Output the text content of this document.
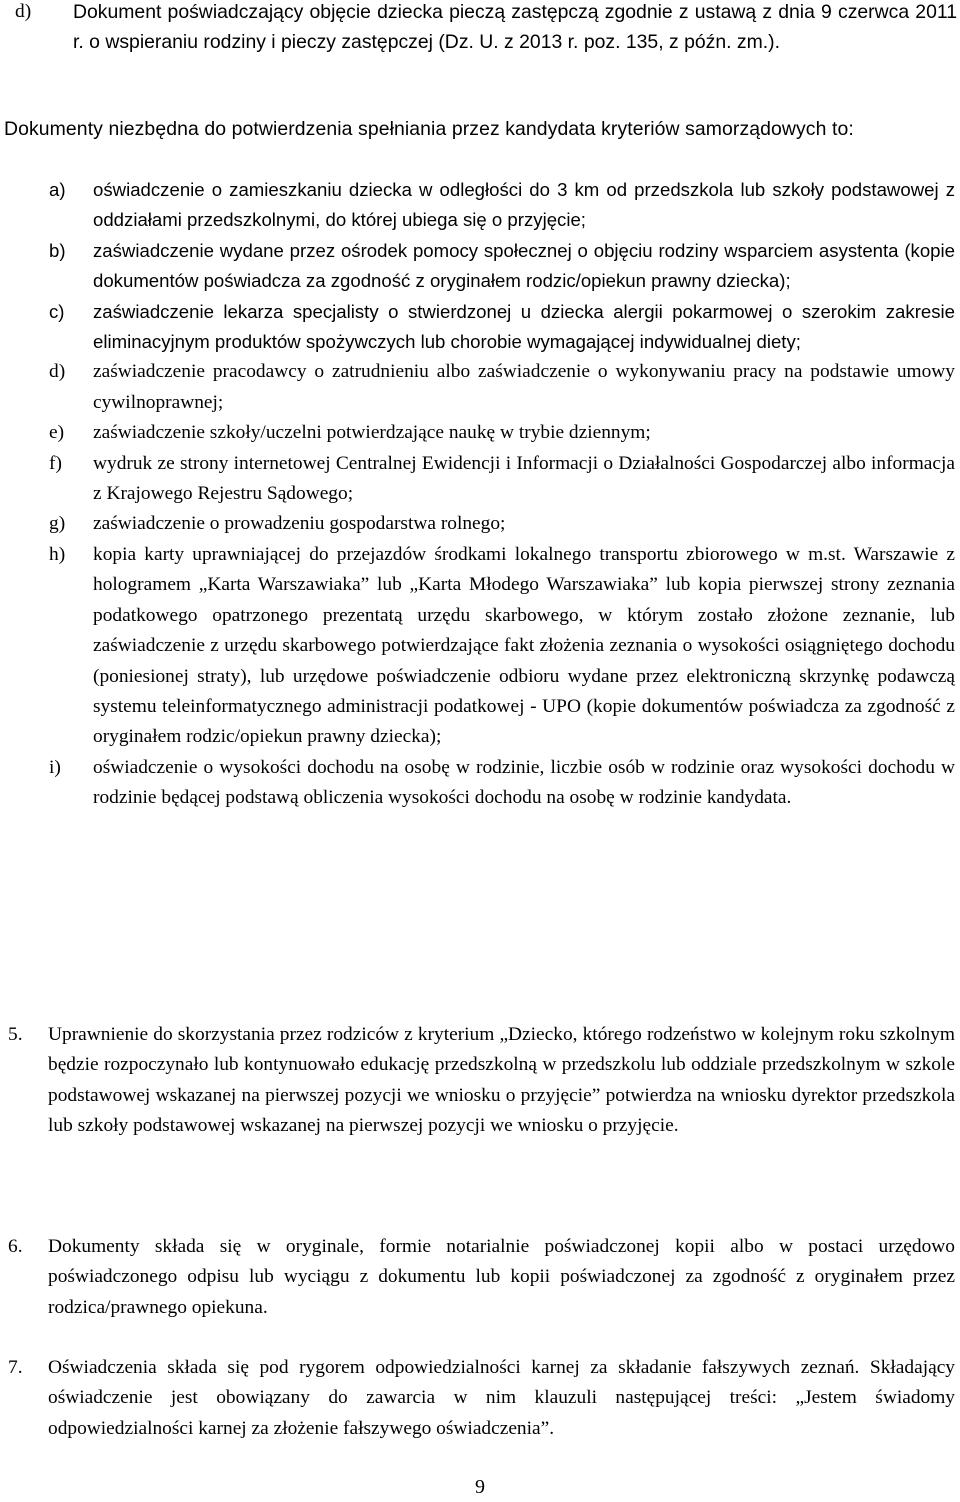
d) Dokument poświadczający objęcie dziecka pieczą zastępczą zgodnie z ustawą z dnia 9 czerwca 2011 r. o wspieraniu rodziny i pieczy zastępczej (Dz. U. z 2013 r. poz. 135, z późn. zm.).
Dokumenty niezbędna do potwierdzenia spełniania przez kandydata kryteriów samorządowych to:
a) oświadczenie o zamieszkaniu dziecka w odległości do 3 km od przedszkola lub szkoły podstawowej z oddziałami przedszkolnymi, do której ubiega się o przyjęcie;
b) zaświadczenie wydane przez ośrodek pomocy społecznej o objęciu rodziny wsparciem asystenta (kopie dokumentów poświadcza za zgodność z oryginałem rodzic/opiekun prawny dziecka);
c) zaświadczenie lekarza specjalisty o stwierdzonej u dziecka alergii pokarmowej o szerokim zakresie eliminacyjnym produktów spożywczych lub chorobie wymagającej indywidualnej diety;
d) zaświadczenie pracodawcy o zatrudnieniu albo zaświadczenie o wykonywaniu pracy na podstawie umowy cywilnoprawnej;
e) zaświadczenie szkoły/uczelni potwierdzające naukę w trybie dziennym;
f) wydruk ze strony internetowej Centralnej Ewidencji i Informacji o Działalności Gospodarczej albo informacja z Krajowego Rejestru Sądowego;
g) zaświadczenie o prowadzeniu gospodarstwa rolnego;
h) kopia karty uprawniającej do przejazdów środkami lokalnego transportu zbiorowego w m.st. Warszawie z hologramem „Karta Warszawiaka” lub „Karta Młodego Warszawiaka” lub kopia pierwszej strony zeznania podatkowego opatrzonego prezentatą urzędu skarbowego, w którym zostało złożone zeznanie, lub zaświadczenie z urzędu skarbowego potwierdzające fakt złożenia zeznania o wysokości osiągniętego dochodu (poniesionej straty), lub urzędowe poświadczenie odbioru wydane przez elektroniczną skrzynkę podawczą systemu teleinformatycznego administracji podatkowej - UPO (kopie dokumentów poświadcza za zgodność z oryginałem rodzic/opiekun prawny dziecka);
i) oświadczenie o wysokości dochodu na osobę w rodzinie, liczbie osób w rodzinie oraz wysokości dochodu w rodzinie będącej podstawą obliczenia wysokości dochodu na osobę w rodzinie kandydata.
5. Uprawnienie do skorzystania przez rodziców z kryterium „Dziecko, którego rodzeństwo w kolejnym roku szkolnym będzie rozpoczynało lub kontynuowało edukację przedszkolną w przedszkolu lub oddziale przedszkolnym w szkole podstawowej wskazanej na pierwszej pozycji we wniosku o przyjęcie” potwierdza na wniosku dyrektor przedszkola lub szkoły podstawowej wskazanej na pierwszej pozycji we wniosku o przyjęcie.
6. Dokumenty składa się w oryginale, formie notarialnie poświadczonej kopii albo w postaci urzędowo poświadczonego odpisu lub wyciągu z dokumentu lub kopii poświadczonej za zgodność z oryginałem przez rodzica/prawnego opiekuna.
7. Oświadczenia składa się pod rygorem odpowiedzialności karnej za składanie fałszywych zeznań. Składający oświadczenie jest obowiązany do zawarcia w nim klauzuli następującej treści: „Jestem świadomy odpowiedzialności karnej za złożenie fałszywego oświadczenia”.
9
